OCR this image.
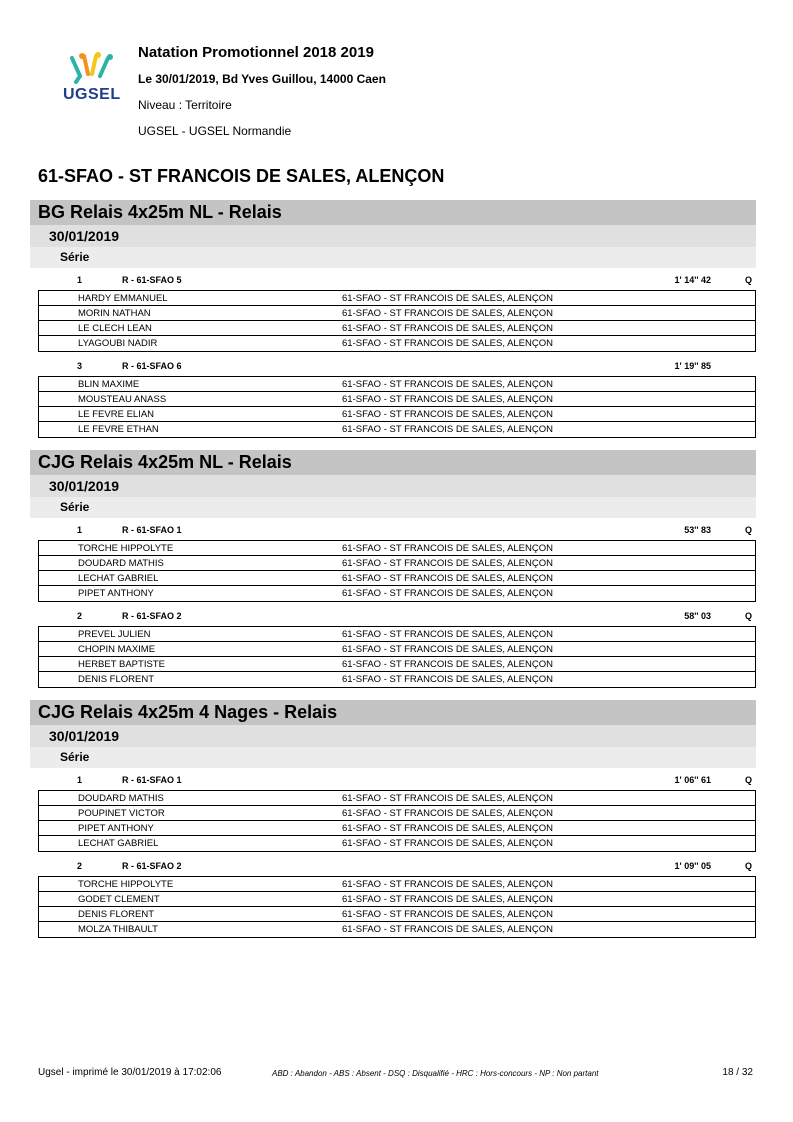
UGSEL
Natation Promotionnel 2018 2019
Le 30/01/2019, Bd Yves Guillou, 14000 Caen
Niveau : Territoire
UGSEL - UGSEL Normandie
61-SFAO - ST FRANCOIS DE SALES, ALENÇON
BG Relais 4x25m NL - Relais
30/01/2019
Série
1	R - 61-SFAO 5	1' 14'' 42	Q
HARDY EMMANUEL	61-SFAO - ST FRANCOIS DE SALES, ALENÇON
MORIN NATHAN	61-SFAO - ST FRANCOIS DE SALES, ALENÇON
LE CLECH LEAN	61-SFAO - ST FRANCOIS DE SALES, ALENÇON
LYAGOUBI NADIR	61-SFAO - ST FRANCOIS DE SALES, ALENÇON
3	R - 61-SFAO 6	1' 19'' 85
BLIN MAXIME	61-SFAO - ST FRANCOIS DE SALES, ALENÇON
MOUSTEAU ANASS	61-SFAO - ST FRANCOIS DE SALES, ALENÇON
LE FEVRE ELIAN	61-SFAO - ST FRANCOIS DE SALES, ALENÇON
LE FEVRE ETHAN	61-SFAO - ST FRANCOIS DE SALES, ALENÇON
CJG Relais 4x25m NL - Relais
30/01/2019
Série
1	R - 61-SFAO 1	53'' 83	Q
TORCHE HIPPOLYTE	61-SFAO - ST FRANCOIS DE SALES, ALENÇON
DOUDARD MATHIS	61-SFAO - ST FRANCOIS DE SALES, ALENÇON
LECHAT GABRIEL	61-SFAO - ST FRANCOIS DE SALES, ALENÇON
PIPET ANTHONY	61-SFAO - ST FRANCOIS DE SALES, ALENÇON
2	R - 61-SFAO 2	58'' 03	Q
PREVEL JULIEN	61-SFAO - ST FRANCOIS DE SALES, ALENÇON
CHOPIN MAXIME	61-SFAO - ST FRANCOIS DE SALES, ALENÇON
HERBET BAPTISTE	61-SFAO - ST FRANCOIS DE SALES, ALENÇON
DENIS FLORENT	61-SFAO - ST FRANCOIS DE SALES, ALENÇON
CJG Relais 4x25m 4 Nages - Relais
30/01/2019
Série
1	R - 61-SFAO 1	1' 06'' 61	Q
DOUDARD MATHIS	61-SFAO - ST FRANCOIS DE SALES, ALENÇON
POUPINET VICTOR	61-SFAO - ST FRANCOIS DE SALES, ALENÇON
PIPET ANTHONY	61-SFAO - ST FRANCOIS DE SALES, ALENÇON
LECHAT GABRIEL	61-SFAO - ST FRANCOIS DE SALES, ALENÇON
2	R - 61-SFAO 2	1' 09'' 05	Q
TORCHE HIPPOLYTE	61-SFAO - ST FRANCOIS DE SALES, ALENÇON
GODET CLEMENT	61-SFAO - ST FRANCOIS DE SALES, ALENÇON
DENIS FLORENT	61-SFAO - ST FRANCOIS DE SALES, ALENÇON
MOLZA THIBAULT	61-SFAO - ST FRANCOIS DE SALES, ALENÇON
Ugsel - imprimé le 30/01/2019 à 17:02:06	ABD : Abandon - ABS : Absent - DSQ : Disqualifié - HRC : Hors-concours - NP : Non partant	18 / 32
